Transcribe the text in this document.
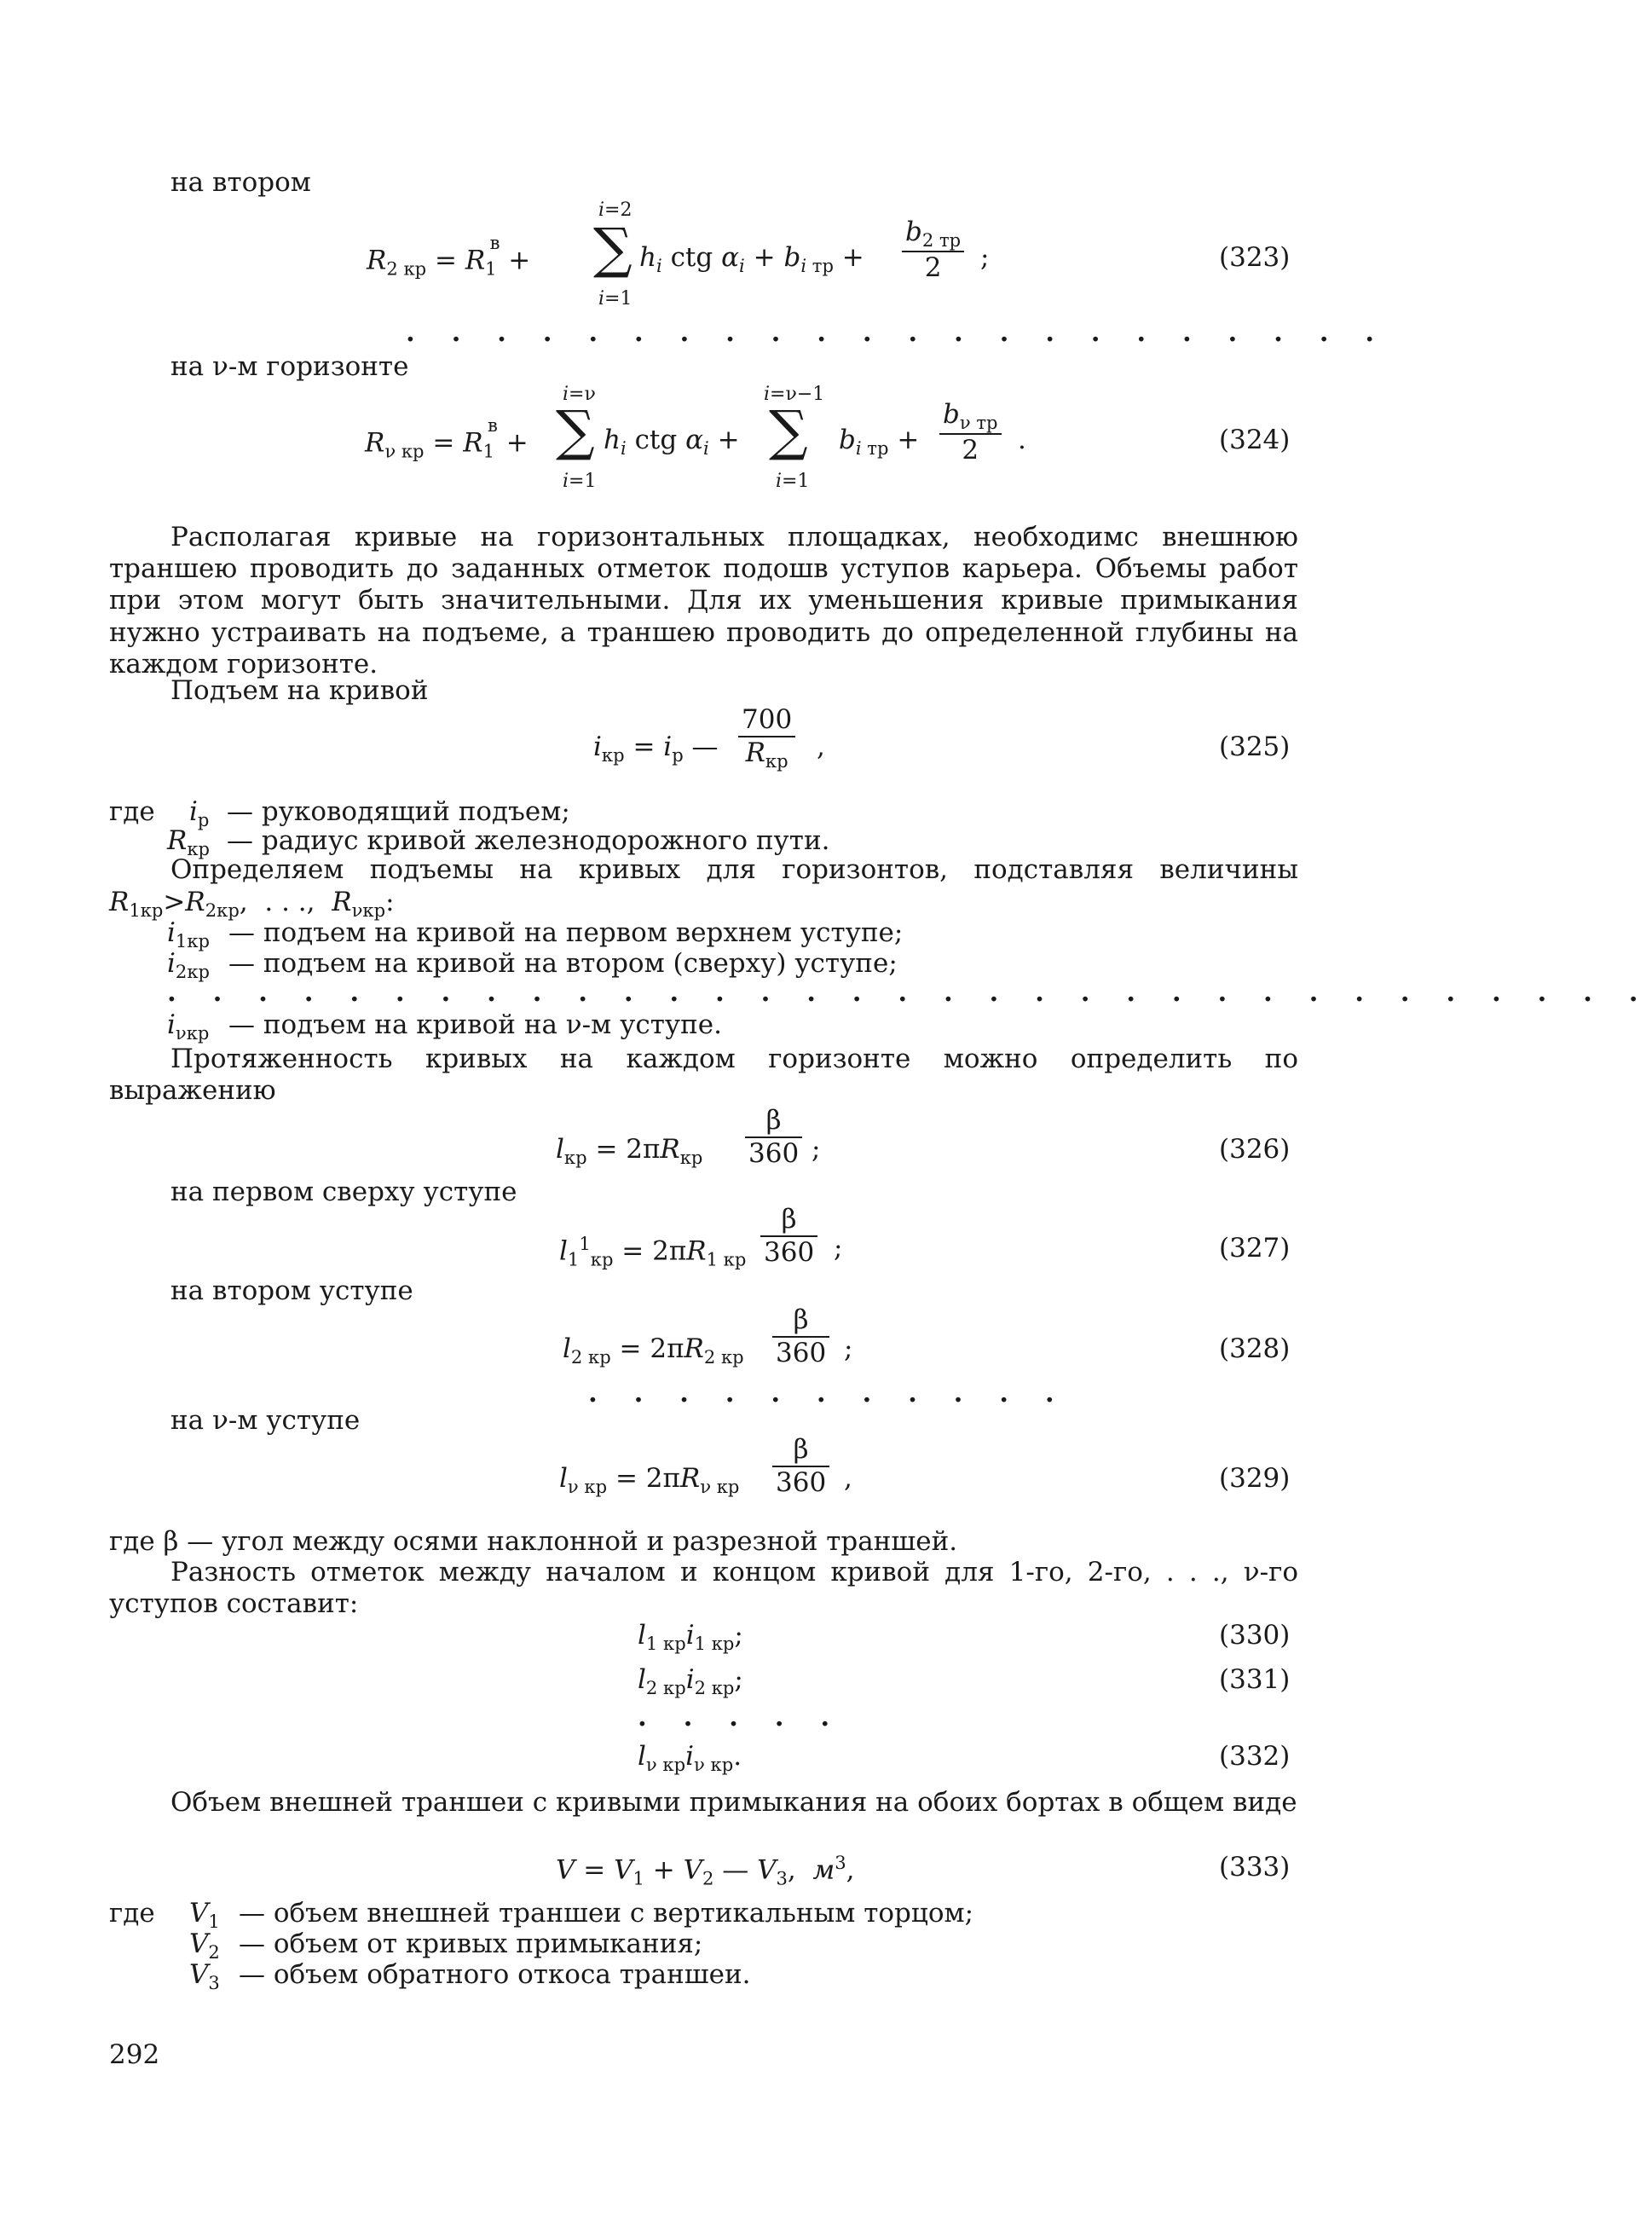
на втором
$R_{2 кр} = R_1^в$ +
i=2
∑
i=1
$h_i$ ctg $\alpha_i + b_i$ $_{тр}$ +
$b_{2 тр}$
2	;	(323)
. . . . . . . . . . . . . . . . . . . . . .
на ν-м горизонте
$R_{\nu кр} = R_1^в$ +
i=ν
∑
i=1
$h_i$ ctg $\alpha_i$ +
i=ν−1
∑
i=1
$b_i$ $_{тр}$ +
$b_{\nu тр}$
2	.	(324)
Располагая кривые на горизонтальных площадках, необходимс внешнюю траншею проводить до заданных отметок подошв уступов карьера. Объемы работ при этом могут быть значительными. Для их уменьшения кривые примыкания нужно устраивать на подъеме, а траншею проводить до определенной глубины на каждом горизонте.
Подъем на кривой
$i_{кр} = i_р$ —
700
$R_{кр}$ ,	(325)
где $i_р$ — руководящий подъем;
$R_{кр}$ — радиус кривой железнодорожного пути.
Определяем подъемы на кривых для горизонтов, подставляя величины
$R_{1кр}>R_{2кр}$,  . . .,  $R_{\nu кр}$:
$i_{1кр}$ — подъем на кривой на первом верхнем уступе;
$i_{2кр}$ — подъем на кривой на втором (сверху) уступе;
. . . . . . . . . . . . . . . . . . . . . . . . . . . . . . . . .
$i_{\nu кр}$ — подъем на кривой на ν-м уступе.
Протяженность кривых на каждом горизонте можно определить по выражению
$l_{кр} = 2\pi R_{кр} \frac{\beta}{360}$ ;	(326)
на первом сверху уступе
$l_1^1_{кр} = 2\pi R_{1 кр} \frac{\beta}{360}$ ;	(327)
на втором уступе
$l_{2 кр} = 2\pi R_{2 кр} \frac{\beta}{360}$ ;	(328)
. . . . . . . . . . .
на ν-м уступе
$l_{\nu кр} = 2\pi R_{\nu кр} \frac{\beta}{360}$ ,	(329)
где β — угол между осями наклонной и разрезной траншей.
Разность отметок между началом и концом кривой для 1-го, 2-го, . . ., ν-го уступов составит:
$l_{1 кр}i_{1 кр}$;	(330)
$l_{2 кр}i_{2 кр}$;	(331)
. . . . .
$l_{\nu кр}i_{\nu кр}$.	(332)
Объем внешней траншеи с кривыми примыкания на обоих бортах в общем виде
$V = V_1 + V_2$ — $V_3$,  $м^3$,	(333)
где $V_1$ — объем внешней траншеи с вертикальным торцом;
$V_2$ — объем от кривых примыкания;
$V_3$ — объем обратного откоса траншеи.
292
